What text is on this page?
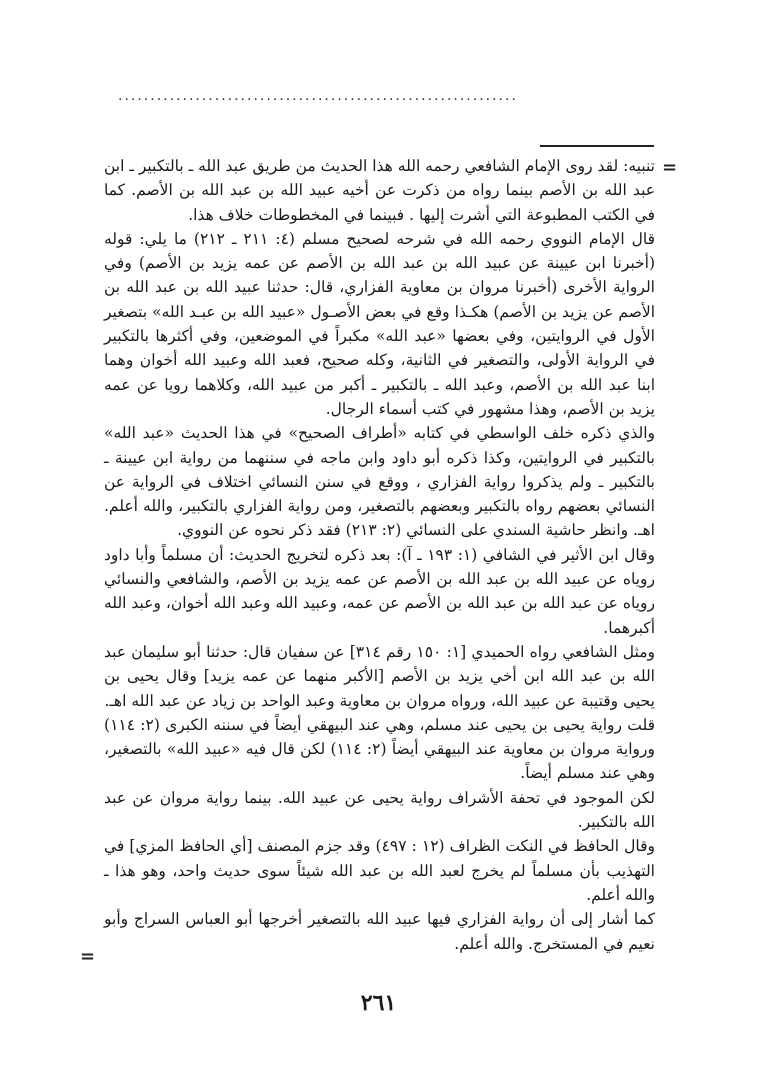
..............................................................
=

تنبيه: لقد روى الإمام الشافعي رحمه الله هذا الحديث من طريق عبد الله ـ بالتكبير ـ ابن عبد الله بن الأصم بينما رواه من ذكرت عن أخيه عبيد الله بن عبد الله بن الأصم. كما في الكتب المطبوعة التي أشرت إليها . فبينما في المخطوطات خلاف هذا.

قال الإمام النووي رحمه الله في شرحه لصحيح مسلم (٤: ٢١١ ـ ٢١٢) ما يلي: قوله (أخبرنا ابن عيينة عن عبيد الله بن عبد الله بن الأصم عن عمه يزيد بن الأصم) وفي الرواية الأخرى (أخبرنا مروان بن معاوية الفزاري، قال: حدثنا عبيد الله بن عبد الله بن الأصم عن يزيد بن الأصم) هكـذا وقع في بعض الأصـول «عبيد الله بن عبـد الله» بتصغير الأول في الروايتين، وفي بعضها «عبد الله» مكبراً في الموضعين، وفي أكثرها بالتكبير في الرواية الأولى، والتصغير في الثانية، وكله صحيح، فعبد الله وعبيد الله أخوان وهما ابنا عبد الله بن الأصم، وعبد الله ـ بالتكبير ـ أكبر من عبيد الله، وكلاهما رويا عن عمه يزيد بن الأصم، وهذا مشهور في كتب أسماء الرجال.

والذي ذكره خلف الواسطي في كتابه «أطراف الصحيح» في هذا الحديث «عبد الله» بالتكبير في الروايتين، وكذا ذكره أبو داود وابن ماجه في سننهما من رواية ابن عيينة ـ بالتكبير ـ ولم يذكروا رواية الفزاري ، ووقع في سنن النسائي اختلاف في الرواية عن النسائي بعضهم رواه بالتكبير وبعضهم بالتصغير، ومن رواية الفزاري بالتكبير، والله أعلم. اهـ. وانظر حاشية السندي على النسائي (٢: ٢١٣) فقد ذكر نحوه عن النووي.

وقال ابن الأثير في الشافي (١: ١٩٣ ـ آ): بعد ذكره لتخريج الحديث: أن مسلماً وأبا داود روياه عن عبيد الله بن عبد الله بن الأصم عن عمه يزيد بن الأصم، والشافعي والنسائي روياه عن عبد الله بن عبد الله بن الأصم عن عمه، وعبيد الله وعبد الله أخوان، وعبد الله أكبرهما.

ومثل الشافعي رواه الحميدي [١: ١٥٠ رقم ٣١٤] عن سفيان قال: حدثنا أبو سليمان عبد الله بن عبد الله ابن أخي يزيد بن الأصم [الأكبر منهما عن عمه يزيد] وقال يحيى بن يحيى وقتيبة عن عبيد الله، ورواه مروان بن معاوية وعبد الواحد بن زياد عن عبد الله اهـ.

قلت رواية يحيى بن يحيى عند مسلم، وهي عند البيهقي أيضاً في سننه الكبرى (٢: ١١٤) ورواية مروان بن معاوية عند البيهقي أيضاً (٢: ١١٤) لكن قال فيه «عبيد الله» بالتصغير، وهي عند مسلم أيضاً.

لكن الموجود في تحفة الأشراف رواية يحيى عن عبيد الله. بينما رواية مروان عن عبد الله بالتكبير.

وقال الحافظ في النكت الظراف (١٢ : ٤٩٧) وقد جزم المصنف [أي الحافظ المزي] في التهذيب بأن مسلماً لم يخرج لعبد الله بن عبد الله شيئاً سوى حديث واحد، وهو هذا ـ والله أعلم.

كما أشار إلى أن رواية الفزاري فيها عبيد الله بالتصغير أخرجها أبو العباس السراج وأبو نعيم في المستخرج. والله أعلم.

=
٢٦١
